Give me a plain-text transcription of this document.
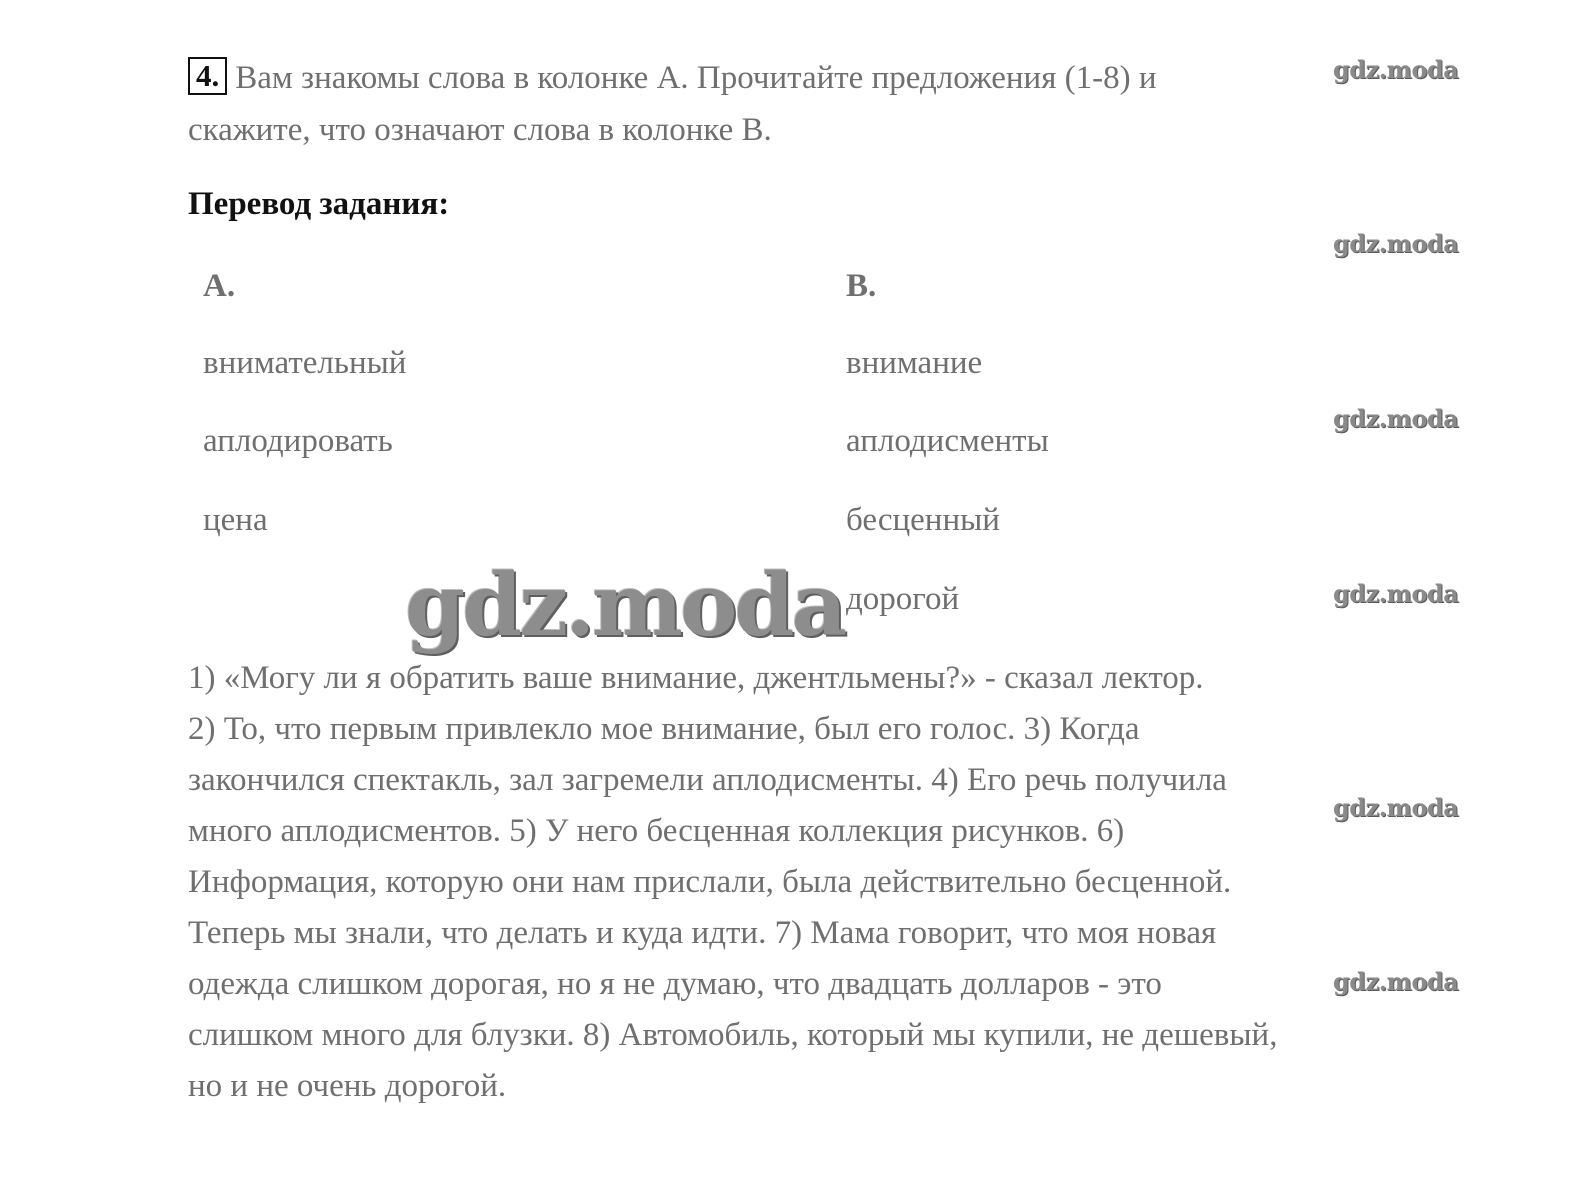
4. Вам знакомы слова в колонке А. Прочитайте предложения (1-8) и
скажите, что означают слова в колонке В.
Перевод задания:
А.	В.
внимательный
аплодировать
цена
внимание
аплодисменты
бесценный
дорогой

1) «Могу ли я обратить ваше внимание, джентльмены?» - сказал лектор.

2) То, что первым привлекло мое внимание, был его голос. 3) Когда

закончился спектакль, зал загремели аплодисменты. 4) Его речь получила

много аплодисментов. 5) У него бесценная коллекция рисунков. 6)

Информация, которую они нам прислали, была действительно бесценной.

Теперь мы знали, что делать и куда идти. 7) Мама говорит, что моя новая

одежда слишком дорогая, но я не думаю, что двадцать долларов - это

слишком много для блузки. 8) Автомобиль, который мы купили, не дешевый,

но и не очень дорогой.

gdz.moda
gdz.moda
gdz.moda
gdz.moda
gdz.moda
gdz.moda
gdz.moda
